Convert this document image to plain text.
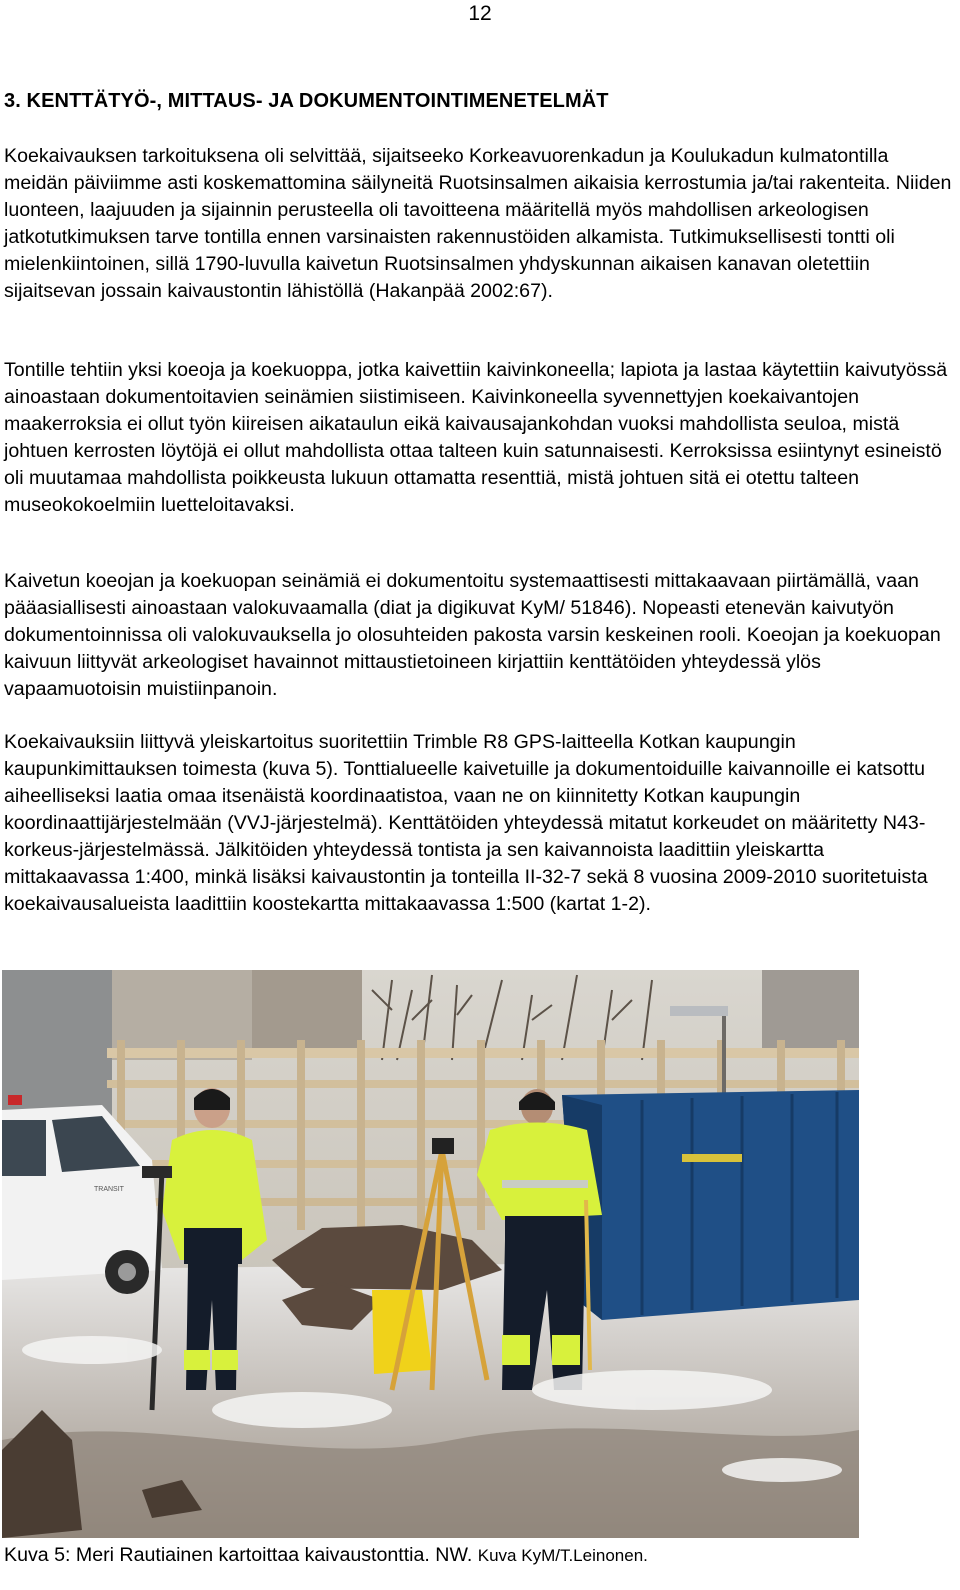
12
3. KENTTÄTYÖ-, MITTAUS- JA DOKUMENTOINTIMENETELMÄT

Koekaivauksen tarkoituksena oli selvittää, sijaitseeko Korkeavuorenkadun ja Koulukadun kulmatontilla meidän päiviimme asti koskemattomina säilyneitä Ruotsinsalmen aikaisia kerrostumia ja/tai rakenteita. Niiden luonteen, laajuuden ja sijainnin perusteella oli tavoitteena määritellä myös mahdollisen arkeologisen jatkotutkimuksen tarve tontilla ennen varsinaisten rakennustöiden alkamista. Tutkimuksellisesti tontti oli mielenkiintoinen, sillä 1790-luvulla kaivetun Ruotsinsalmen yhdyskunnan aikaisen kanavan oletettiin sijaitsevan jossain kaivaustontin lähistöllä (Hakanpää 2002:67).

Tontille tehtiin yksi koeoja ja koekuoppa, jotka kaivettiin kaivinkoneella; lapiota ja lastaa käytettiin kaivutyössä ainoastaan dokumentoitavien seinämien siistimiseen. Kaivinkoneella syvennettyjen koekaivantojen maakerroksia ei ollut työn kiireisen aikataulun eikä kaivausajankohdan vuoksi mahdollista seuloa, mistä johtuen kerrosten löytöjä ei ollut mahdollista ottaa talteen kuin satunnaisesti. Kerroksissa esiintynyt esineistö oli muutamaa mahdollista poikkeusta lukuun ottamatta resenttiä, mistä johtuen sitä ei otettu talteen museokokoelmiin luetteloitavaksi.

Kaivetun koeojan ja koekuopan seinämiä ei dokumentoitu systemaattisesti mittakaavaan piirtämällä, vaan pääasiallisesti ainoastaan valokuvaamalla (diat ja digikuvat KyM/ 51846). Nopeasti etenevän kaivutyön dokumentoinnissa oli valokuvauksella jo olosuhteiden pakosta varsin keskeinen rooli. Koeojan ja koekuopan kaivuun liittyvät arkeologiset havainnot mittaustietoineen kirjattiin kenttätöiden yhteydessä ylös vapaamuotoisin muistiinpanoin.

Koekaivauksiin liittyvä yleiskartoitus suoritettiin Trimble R8 GPS-laitteella Kotkan kaupungin kaupunkimittauksen toimesta (kuva 5). Tonttialueelle kaivetuille ja dokumentoiduille kaivannoille ei katsottu aiheelliseksi laatia omaa itsenäistä koordinaatistoa, vaan ne on kiinnitetty Kotkan kaupungin koordinaattijärjestelmään (VVJ-järjestelmä). Kenttätöiden yhteydessä mitatut korkeudet on määritetty N43-korkeus-järjestelmässä. Jälkitöiden yhteydessä tontista ja sen kaivannoista laadittiin yleiskartta mittakaavassa 1:400, minkä lisäksi kaivaustontin ja tonteilla II-32-7 sekä 8 vuosina 2009-2010 suoritetuista koekaivausalueista laadittiin koostekartta mittakaavassa 1:500 (kartat 1-2).

TRANSIT
Kuva 5: Meri Rautiainen kartoittaa kaivaustonttia. NW. Kuva KyM/T.Leinonen.
